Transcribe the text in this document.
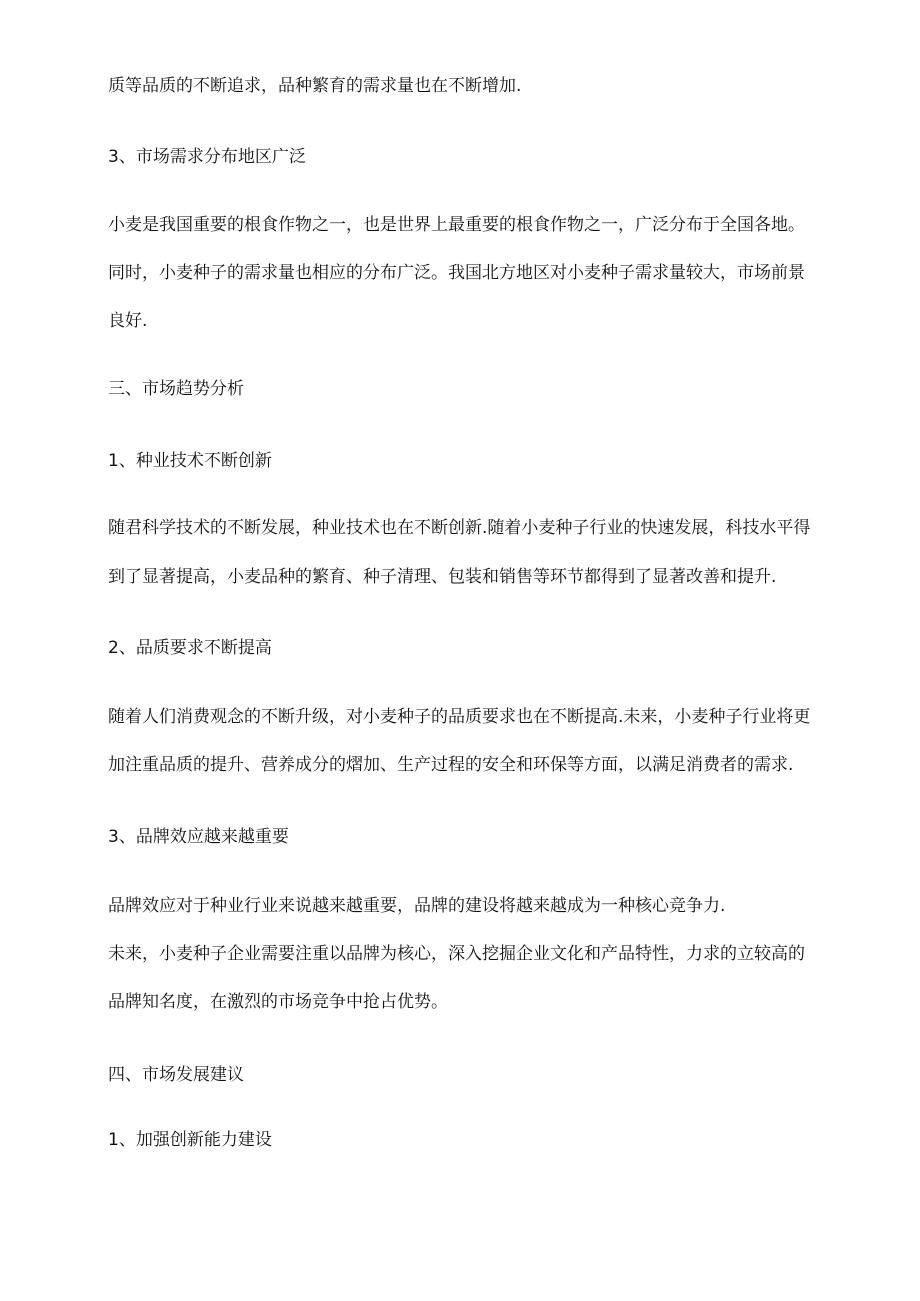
质等品质的不断追求，品种繁育的需求量也在不断增加.
3、市场需求分布地区广泛
小麦是我国重要的根食作物之一，也是世界上最重要的根食作物之一，广泛分布于全国各地。
同时，小麦种子的需求量也相应的分布广泛。我国北方地区对小麦种子需求量较大，市场前景
良好.
三、市场趋势分析
1、种业技术不断创新
随君科学技术的不断发展，种业技术也在不断创新.随着小麦种子行业的快速发展，科技水平得
到了显著提高，小麦品种的繁育、种子清理、包装和销售等环节都得到了显著改善和提升.
2、品质要求不断提高
随着人们消费观念的不断升级，对小麦种子的品质要求也在不断提高.未来，小麦种子行业将更
加注重品质的提升、营养成分的熠加、生产过程的安全和环保等方面，以满足消费者的需求.
3、品牌效应越来越重要
品牌效应对于种业行业来说越来越重要，品牌的建设将越来越成为一种核心竞争力.
未来，小麦种子企业需要注重以品牌为核心，深入挖掘企业文化和产品特性，力求的立较高的
品牌知名度，在激烈的市场竞争中抢占优势。
四、市场发展建议
1、加强创新能力建设
